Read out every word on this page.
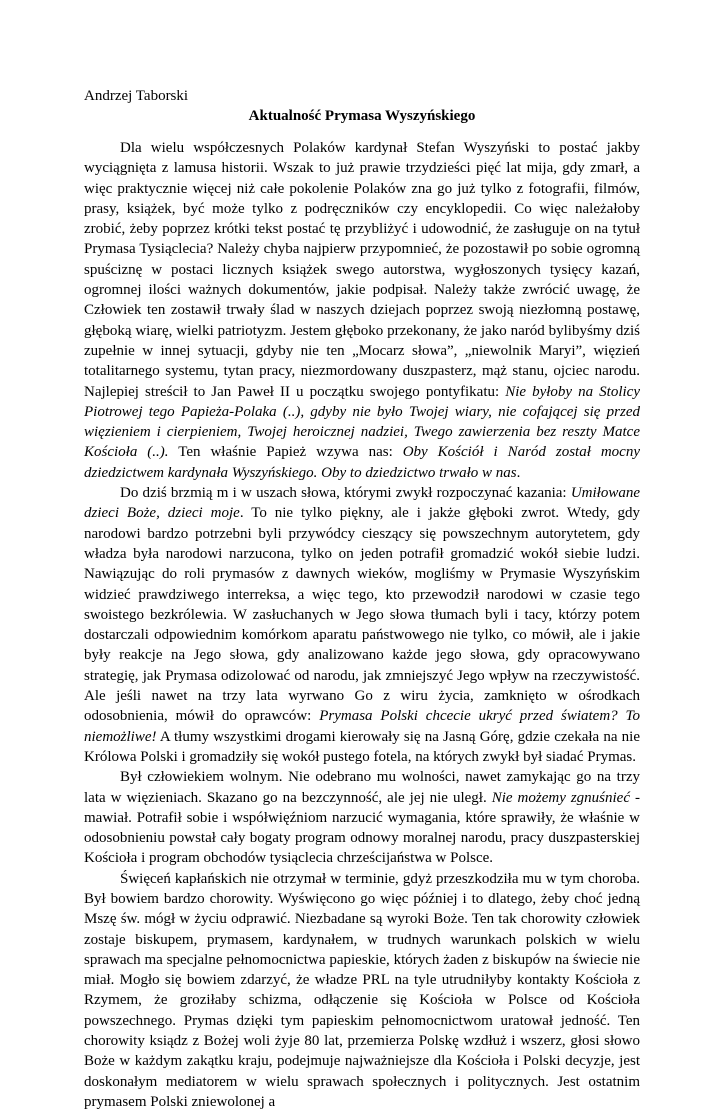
Andrzej Taborski
Aktualność Prymasa Wyszyńskiego

Dla wielu współczesnych Polaków kardynał Stefan Wyszyński to postać jakby wyciągnięta z lamusa historii. Wszak to już prawie trzydzieści pięć lat mija, gdy zmarł, a więc praktycznie więcej niż całe pokolenie Polaków zna go już tylko z fotografii, filmów, prasy, książek, być może tylko z podręczników czy encyklopedii. Co więc należałoby zrobić, żeby poprzez krótki tekst postać tę przybliżyć i udowodnić, że zasługuje on na tytuł Prymasa Tysiąclecia? Należy chyba najpierw przypomnieć, że pozostawił po sobie ogromną spuściznę w postaci licznych książek swego autorstwa, wygłoszonych tysięcy kazań, ogromnej ilości ważnych dokumentów, jakie podpisał. Należy także zwrócić uwagę, że Człowiek ten zostawił trwały ślad w naszych dziejach poprzez swoją niezłomną postawę, głęboką wiarę, wielki patriotyzm. Jestem głęboko przekonany, że jako naród bylibyśmy dziś zupełnie w innej sytuacji, gdyby nie ten „Mocarz słowa”, „niewolnik Maryi”, więzień totalitarnego systemu, tytan pracy, niezmordowany duszpasterz, mąż stanu, ojciec narodu. Najlepiej streścił to Jan Paweł II u początku swojego pontyfikatu: Nie byłoby na Stolicy Piotrowej tego Papieża-Polaka (..), gdyby nie było Twojej wiary, nie cofającej się przed więzieniem i cierpieniem, Twojej heroicznej nadziei, Twego zawierzenia bez reszty Matce Kościoła (..). Ten właśnie Papież wzywa nas: Oby Kościół i Naród został mocny dziedzictwem kardynała Wyszyńskiego. Oby to dziedzictwo trwało w nas.

Do dziś brzmią m i w uszach słowa, którymi zwykł rozpoczynać kazania: Umiłowane dzieci Boże, dzieci moje. To nie tylko piękny, ale i jakże głęboki zwrot. Wtedy, gdy narodowi bardzo potrzebni byli przywódcy cieszący się powszechnym autorytetem, gdy władza była narodowi narzucona, tylko on jeden potrafił gromadzić wokół siebie ludzi. Nawiązując do roli prymasów z dawnych wieków, mogliśmy w Prymasie Wyszyńskim widzieć prawdziwego interreksa, a więc tego, kto przewodził narodowi w czasie tego swoistego bezkrólewia. W zasłuchanych w Jego słowa tłumach byli i tacy, którzy potem dostarczali odpowiednim komórkom aparatu państwowego nie tylko, co mówił, ale i jakie były reakcje na Jego słowa, gdy analizowano każde jego słowa, gdy opracowywano strategię, jak Prymasa odizolować od narodu, jak zmniejszyć Jego wpływ na rzeczywistość. Ale jeśli nawet na trzy lata wyrwano Go z wiru życia, zamknięto w ośrodkach odosobnienia, mówił do oprawców: Prymasa Polski chcecie ukryć przed światem? To niemożliwe! A tłumy wszystkimi drogami kierowały się na Jasną Górę, gdzie czekała na nie Królowa Polski i gromadziły się wokół pustego fotela, na których zwykł był siadać Prymas.

Był człowiekiem wolnym. Nie odebrano mu wolności, nawet zamykając go na trzy lata w więzieniach. Skazano go na bezczynność, ale jej nie uległ. Nie możemy zgnuśnieć - mawiał. Potrafił sobie i współwięźniom narzucić wymagania, które sprawiły, że właśnie w odosobnieniu powstał cały bogaty program odnowy moralnej narodu, pracy duszpasterskiej Kościoła i program obchodów tysiąclecia chrześcijaństwa w Polsce.

Święceń kapłańskich nie otrzymał w terminie, gdyż przeszkodziła mu w tym choroba. Był bowiem bardzo chorowity. Wyświęcono go więc później i to dlatego, żeby choć jedną Mszę św. mógł w życiu odprawić. Niezbadane są wyroki Boże. Ten tak chorowity człowiek zostaje biskupem, prymasem, kardynałem, w trudnych warunkach polskich w wielu sprawach ma specjalne pełnomocnictwa papieskie, których żaden z biskupów na świecie nie miał. Mogło się bowiem zdarzyć, że władze PRL na tyle utrudniłyby kontakty Kościoła z Rzymem, że groziłaby schizma, odłączenie się Kościoła w Polsce od Kościoła powszechnego. Prymas dzięki tym papieskim pełnomocnictwom uratował jedność. Ten chorowity ksiądz z Bożej woli żyje 80 lat, przemierza Polskę wzdłuż i wszerz, głosi słowo Boże w każdym zakątku kraju, podejmuje najważniejsze dla Kościoła i Polski decyzje, jest doskonałym mediatorem w wielu sprawach społecznych i politycznych. Jest ostatnim prymasem Polski zniewolonej a
